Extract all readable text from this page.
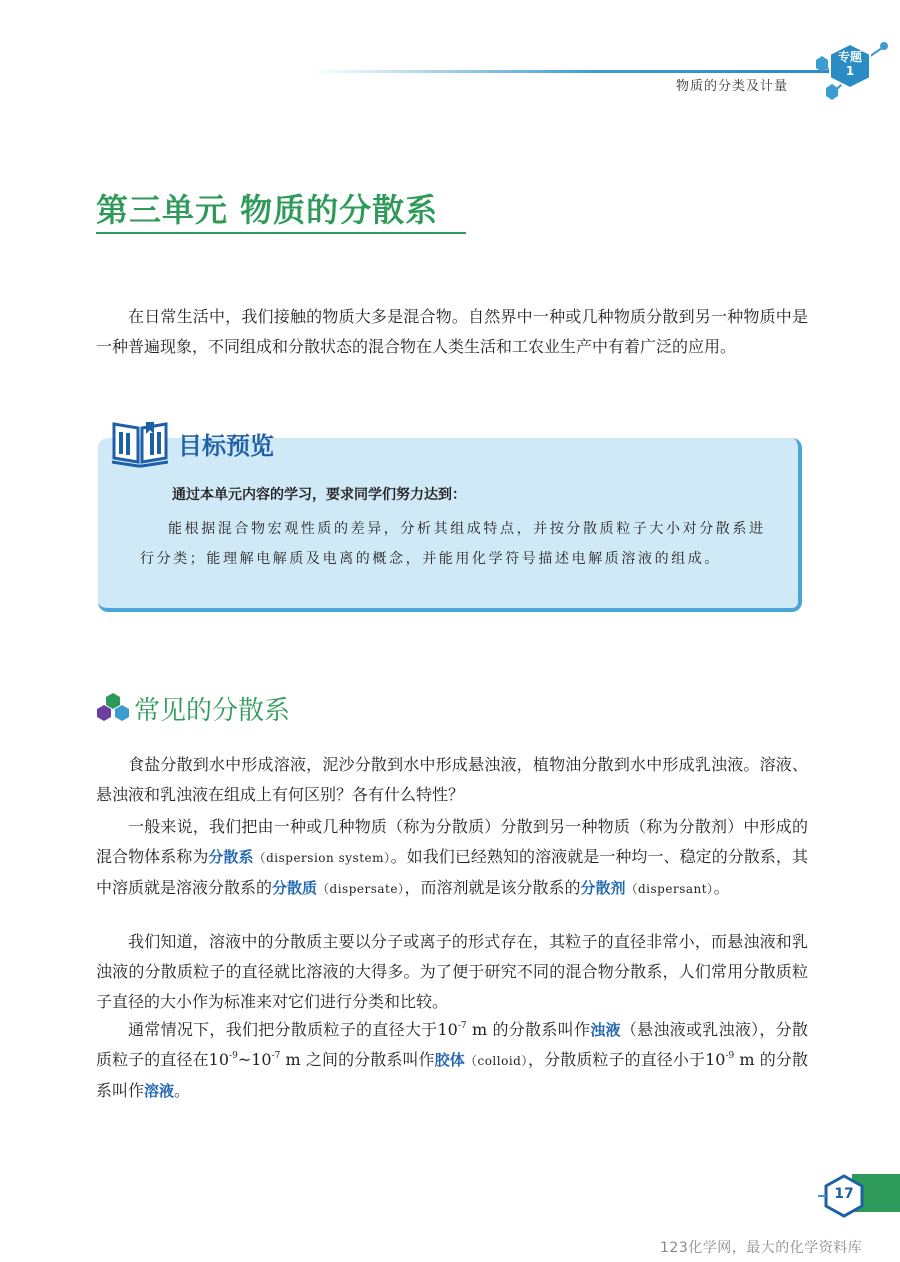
物质的分类及计量
专题
1
第三单元 物质的分散系
在日常生活中，我们接触的物质大多是混合物。自然界中一种或几种物质分散到另一种物质中是一种普遍现象，不同组成和分散状态的混合物在人类生活和工农业生产中有着广泛的应用。
目标预览
通过本单元内容的学习，要求同学们努力达到：
能根据混合物宏观性质的差异，分析其组成特点，并按分散质粒子大小对分散系进行分类；能理解电解质及电离的概念，并能用化学符号描述电解质溶液的组成。
常见的分散系
食盐分散到水中形成溶液，泥沙分散到水中形成悬浊液，植物油分散到水中形成乳浊液。溶液、悬浊液和乳浊液在组成上有何区别？各有什么特性？
一般来说，我们把由一种或几种物质（称为分散质）分散到另一种物质（称为分散剂）中形成的混合物体系称为分散系（dispersion system）。如我们已经熟知的溶液就是一种均一、稳定的分散系，其中溶质就是溶液分散系的分散质（dispersate），而溶剂就是该分散系的分散剂（dispersant）。
我们知道，溶液中的分散质主要以分子或离子的形式存在，其粒子的直径非常小，而悬浊液和乳浊液的分散质粒子的直径就比溶液的大得多。为了便于研究不同的混合物分散系，人们常用分散质粒子直径的大小作为标准来对它们进行分类和比较。
通常情况下，我们把分散质粒子的直径大于$10^{-7}$ m 的分散系叫作浊液（悬浊液或乳浊液），分散质粒子的直径在$10^{-9}\sim 10^{-7}$ m 之间的分散系叫作胶体（colloid），分散质粒子的直径小于$10^{-9}$ m 的分散系叫作溶液。
17
123化学网，最大的化学资料库
